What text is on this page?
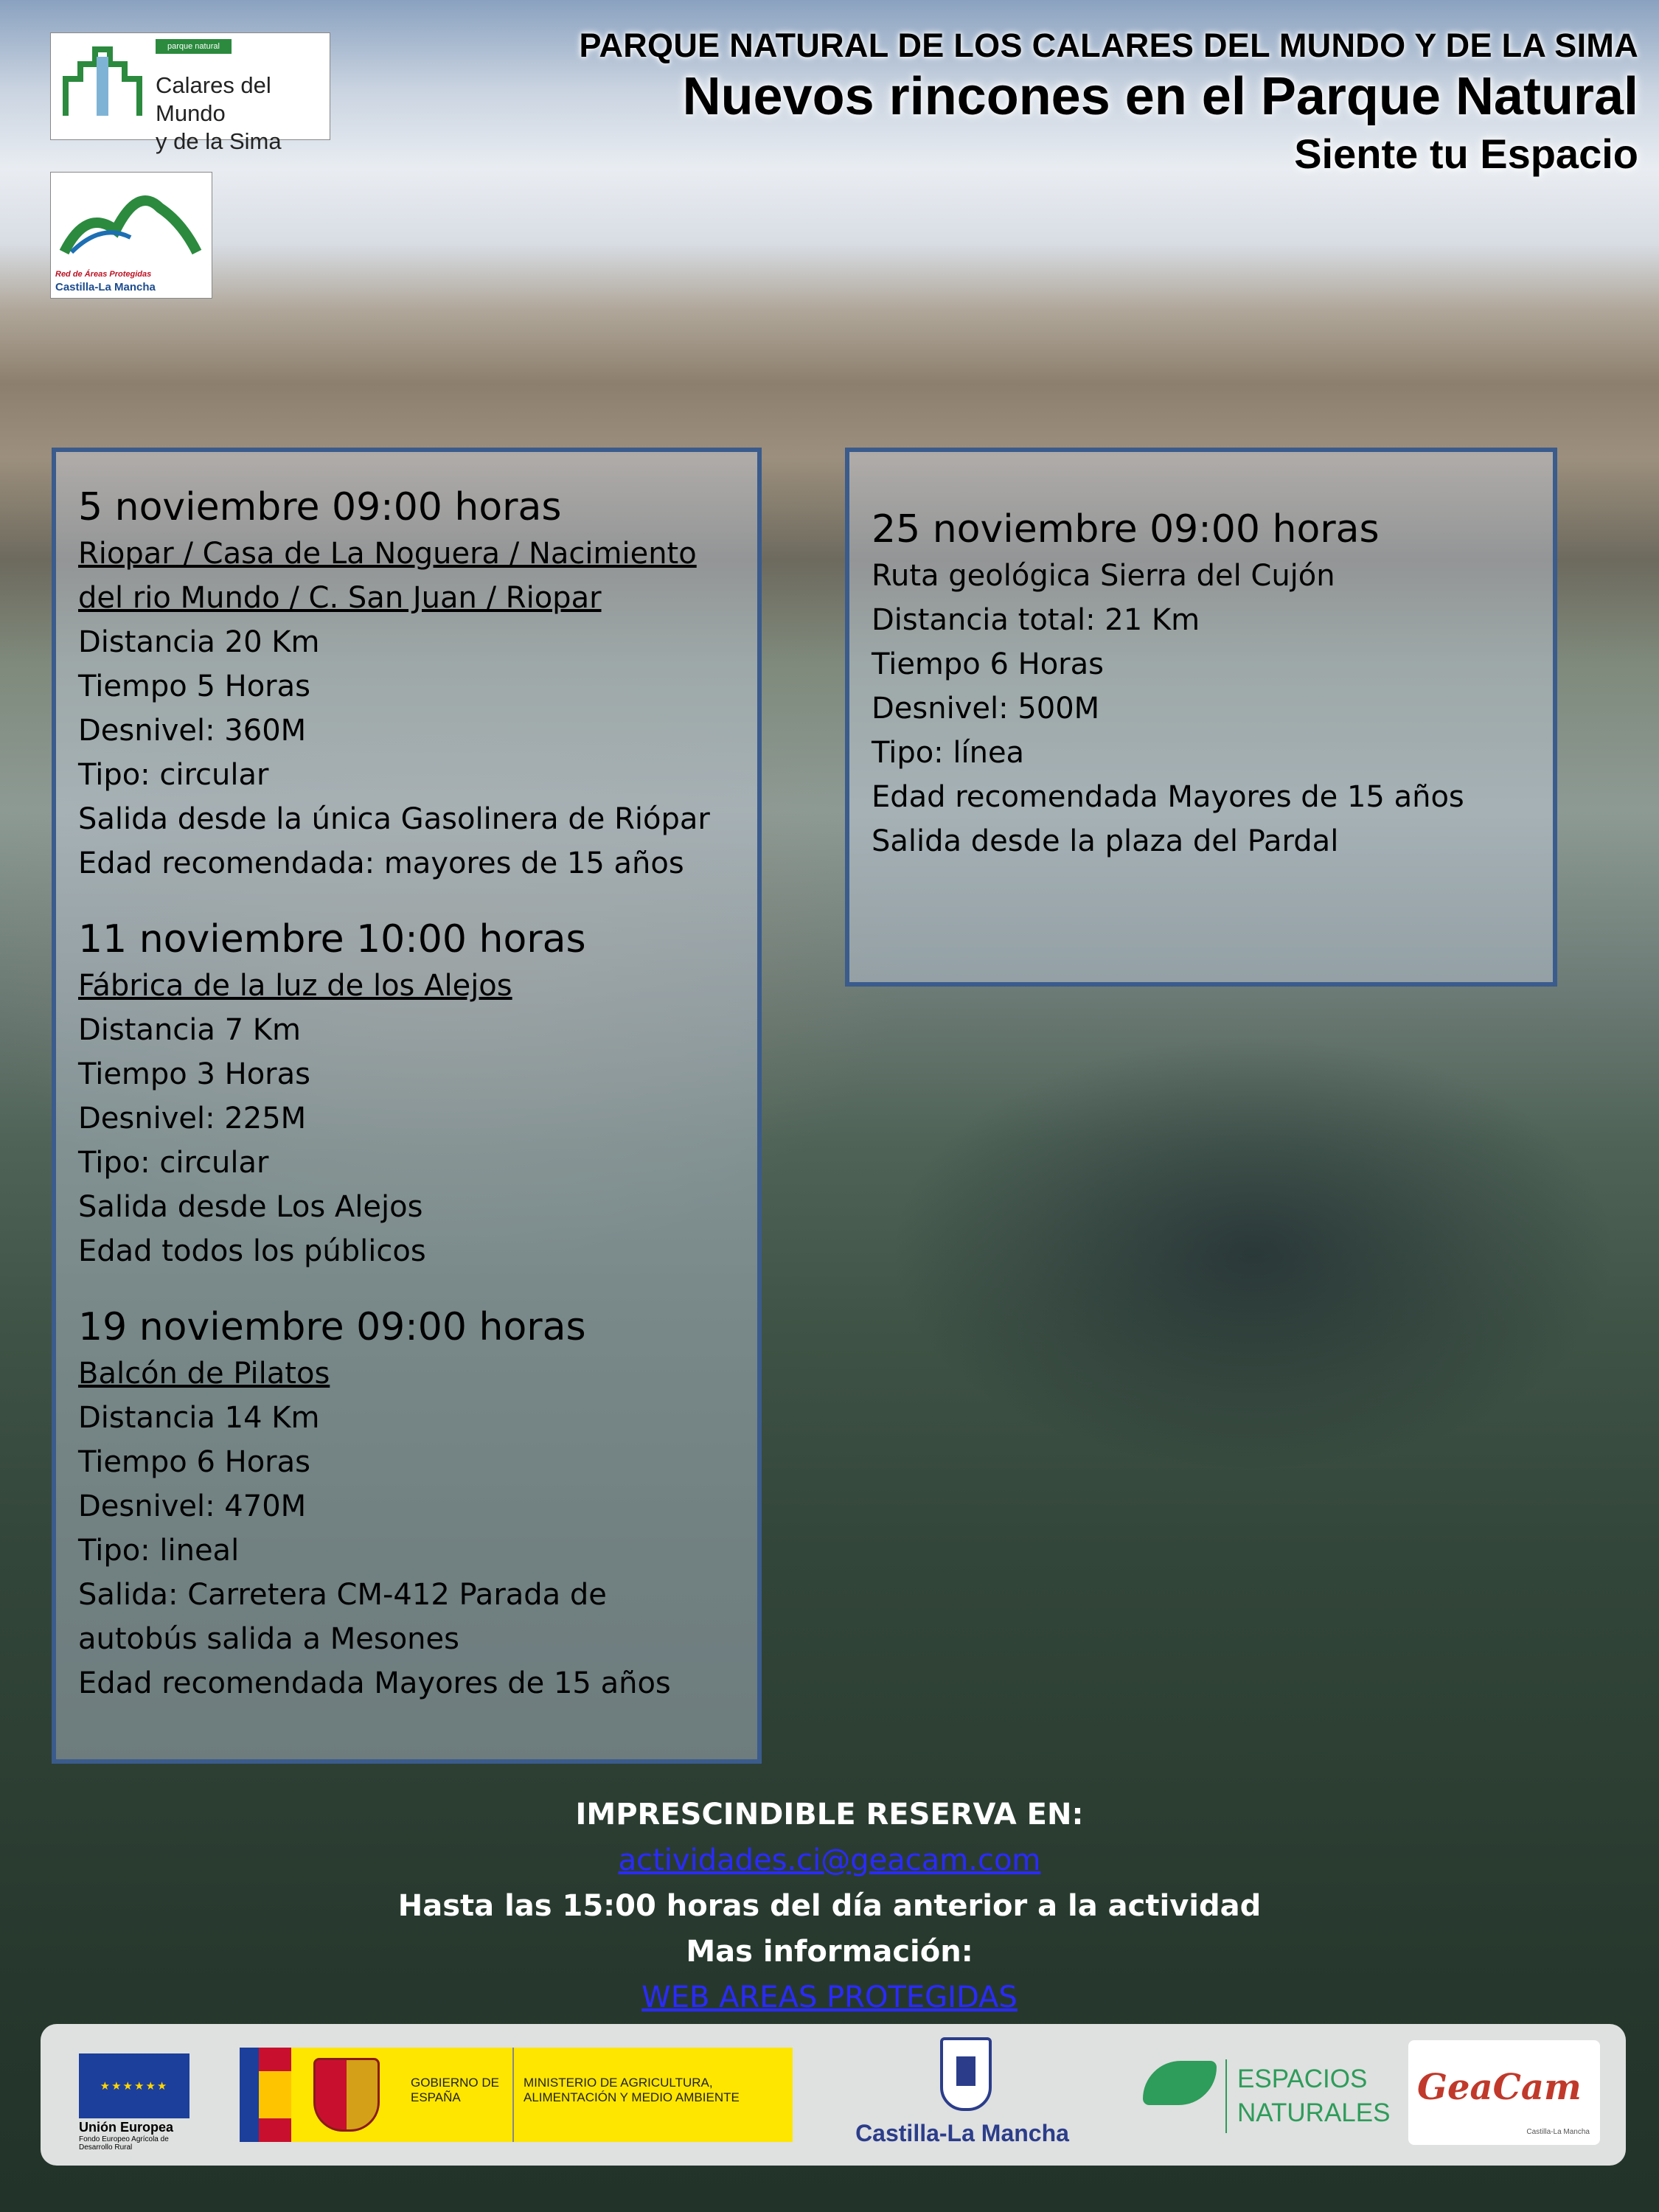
parque natural
Calares del Mundo
y de la Sima
Red de Áreas Protegidas
Castilla-La Mancha
PARQUE NATURAL DE LOS CALARES DEL MUNDO Y DE LA SIMA
Nuevos rincones en el Parque Natural
Siente tu Espacio
5 noviembre 09:00 horas
Riopar / Casa de La Noguera / Nacimiento
del rio Mundo / C. San Juan / Riopar
Distancia 20 Km
Tiempo 5 Horas
Desnivel: 360M
Tipo: circular
Salida desde la única Gasolinera de Riópar
Edad recomendada: mayores de 15 años
11 noviembre 10:00 horas
Fábrica de la luz de los Alejos
Distancia 7 Km
Tiempo 3 Horas
Desnivel: 225M
Tipo: circular
Salida desde Los Alejos
Edad todos los públicos
19 noviembre 09:00 horas
Balcón de Pilatos
Distancia 14 Km
Tiempo 6 Horas
Desnivel: 470M
Tipo: lineal
Salida: Carretera CM-412 Parada de
autobús salida a Mesones
Edad recomendada Mayores de 15 años
25 noviembre 09:00 horas
Ruta geológica Sierra del Cujón
Distancia total: 21 Km
Tiempo 6 Horas
Desnivel: 500M
Tipo: línea
Edad recomendada Mayores de 15 años
Salida desde la plaza del Pardal
IMPRESCINDIBLE RESERVA EN:
actividades.ci@geacam.com
Hasta las 15:00 horas del día anterior a la actividad
Mas información:
WEB AREAS PROTEGIDAS
★★★★★★
Unión Europea
Fondo Europeo Agrícola de Desarrollo Rural
GOBIERNO DE ESPAÑA
MINISTERIO DE AGRICULTURA, ALIMENTACIÓN Y MEDIO AMBIENTE
Castilla-La Mancha
ESPACIOS
NATURALES
GeaCam
Castilla-La Mancha
